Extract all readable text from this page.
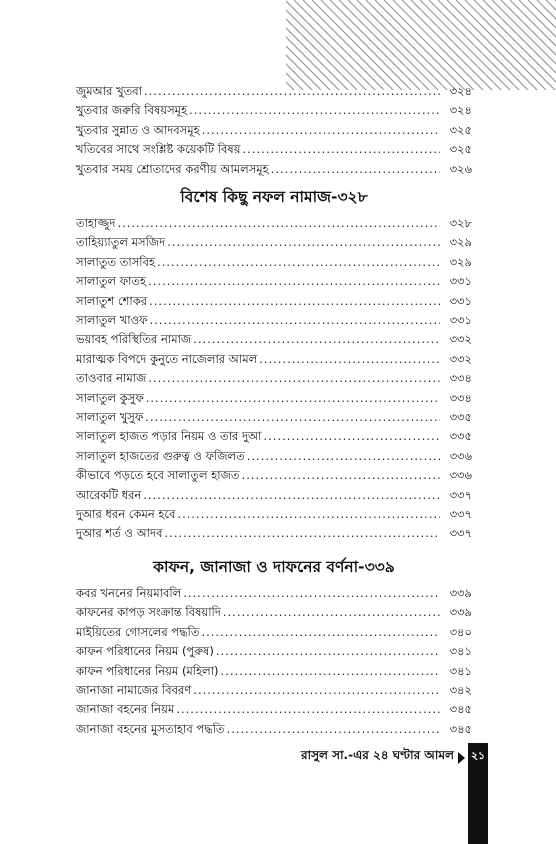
জুমআর খুতবা .....	৩২৪
খুতবার জরুরি বিষয়সমূহ .....	৩২৪
খুতবার সুন্নাত ও আদবসমূহ .....	৩২৫
খতিবের সাথে সংশ্লিষ্ট কয়েকটি বিষয় .....	৩২৫
খুতবার সময় শ্রোতাদের করণীয় আমলসমূহ .....	৩২৬
বিশেষ কিছু নফল নামাজ-৩২৮
তাহাজ্জুদ .....	৩২৮
তাহিয়্যাতুল মসজিদ .....	৩২৯
সালাতুত তাসবিহ .....	৩২৯
সালাতুল ফাতহ .....	৩৩১
সালাতুশ শোকর .....	৩৩১
সালাতুল খাওফ .....	৩৩১
ভয়াবহ পরিস্থিতির নামাজ .....	৩৩২
মারাত্মক বিপদে কুনুতে নাজেলার আমল .....	৩৩২
তাওবার নামাজ .....	৩৩৪
সালাতুল কুসুফ .....	৩৩৪
সালাতুল খুসুফ .....	৩৩৫
সালাতুল হাজত পড়ার নিয়ম ও তার দুআ .....	৩৩৫
সালাতুল হাজতের গুরুত্ব ও ফজিলত .....	৩৩৬
কীভাবে পড়তে হবে সালাতুল হাজত .....	৩৩৬
আরেকটি ধরন .....	৩৩৭
দুআর ধরন কেমন হবে .....	৩৩৭
দুআর শর্ত ও আদব .....	৩৩৭
কাফন, জানাজা ও দাফনের বর্ণনা-৩৩৯
কবর খননের নিয়মাবলি .....	৩৩৯
কাফনের কাপড় সংক্রান্ত বিষয়াদি .....	৩৩৯
মাইয়িতের গোসলের পদ্ধতি .....	৩৪০
কাফন পরিধানের নিয়ম (পুরুষ) .....	৩৪১
কাফন পরিধানের নিয়ম (মহিলা) .....	৩৪১
জানাজা নামাজের বিবরণ .....	৩৪২
জানাজা বহনের নিয়ম .....	৩৪৫
জানাজা বহনের মুসতাহাব পদ্ধতি .....	৩৪৫
রাসুল সা.-এর ২৪ ঘণ্টার আমল ২১
